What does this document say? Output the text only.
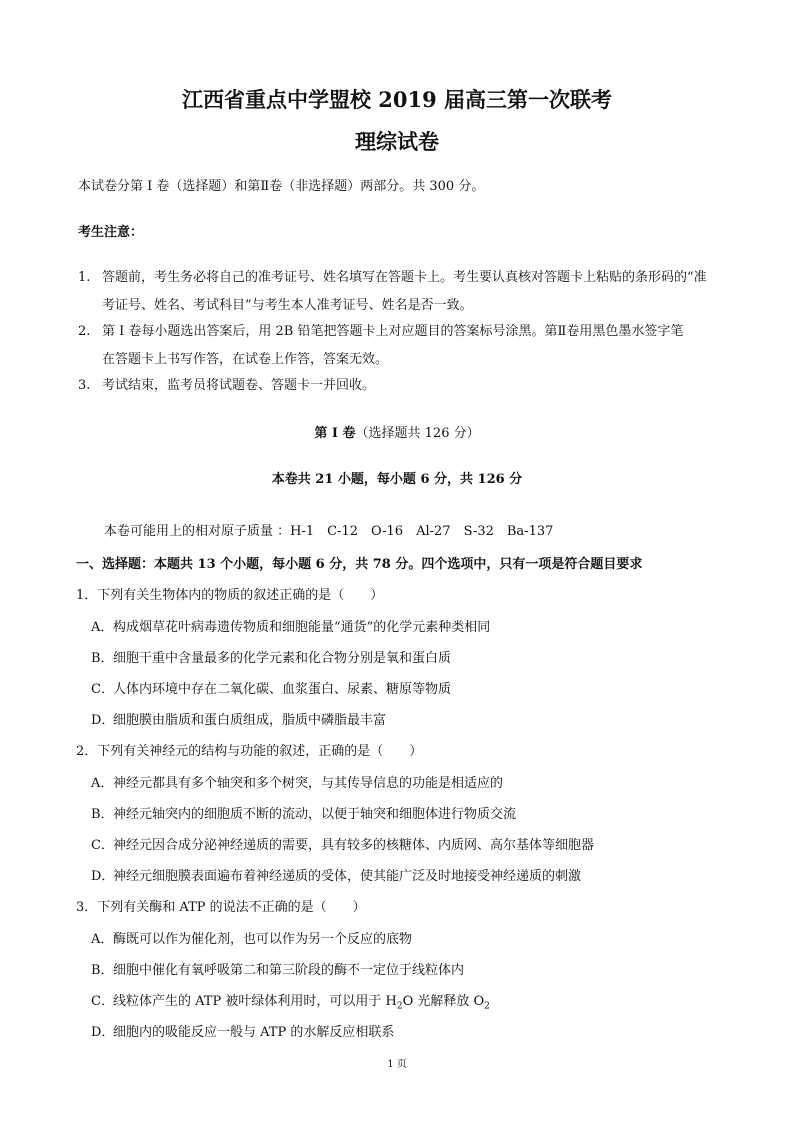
江西省重点中学盟校 2019 届高三第一次联考
理综试卷
本试卷分第 I 卷（选择题）和第Ⅱ卷（非选择题）两部分。共 300 分。
考生注意：
1. 答题前，考生务必将自己的准考证号、姓名填写在答题卡上。考生要认真核对答题卡上粘贴的条形码的“准
考证号、姓名、考试科目”与考生本人准考证号、姓名是否一致。
2. 第 I 卷每小题选出答案后，用 2B 铅笔把答题卡上对应题目的答案标号涂黑。第Ⅱ卷用黑色墨水签字笔
在答题卡上书写作答，在试卷上作答，答案无效。
3. 考试结束，监考员将试题卷、答题卡一并回收。
第 I 卷（选择题共 126 分）
本卷共 21 小题，每小题 6 分，共 126 分
本卷可能用上的相对原子质量 ：H-1　C-12　O-16　Al-27　S-32　Ba-137
一、选择题：本题共 13 个小题，每小题 6 分，共 78 分。四个选项中，只有一项是符合题目要求
1．下列有关生物体内的物质的叙述正确的是（　　）
A．构成烟草花叶病毒遗传物质和细胞能量“通货”的化学元素种类相同
B．细胞干重中含量最多的化学元素和化合物分别是氧和蛋白质
C．人体内环境中存在二氧化碳、血浆蛋白、尿素、糖原等物质
D．细胞膜由脂质和蛋白质组成，脂质中磷脂最丰富
2．下列有关神经元的结构与功能的叙述，正确的是（　　）
A．神经元都具有多个轴突和多个树突，与其传导信息的功能是相适应的
B．神经元轴突内的细胞质不断的流动，以便于轴突和细胞体进行物质交流
C．神经元因合成分泌神经递质的需要，具有较多的核糖体、内质网、高尔基体等细胞器
D．神经元细胞膜表面遍布着神经递质的受体，使其能广泛及时地接受神经递质的刺激
3．下列有关酶和 ATP 的说法不正确的是（　　）
A．酶既可以作为催化剂，也可以作为另一个反应的底物
B．细胞中催化有氧呼吸第二和第三阶段的酶不一定位于线粒体内
C．线粒体产生的 ATP 被叶绿体利用时，可以用于 $H_2O$ 光解释放 $O_2$
D．细胞内的吸能反应一般与 ATP 的水解反应相联系
1 页
